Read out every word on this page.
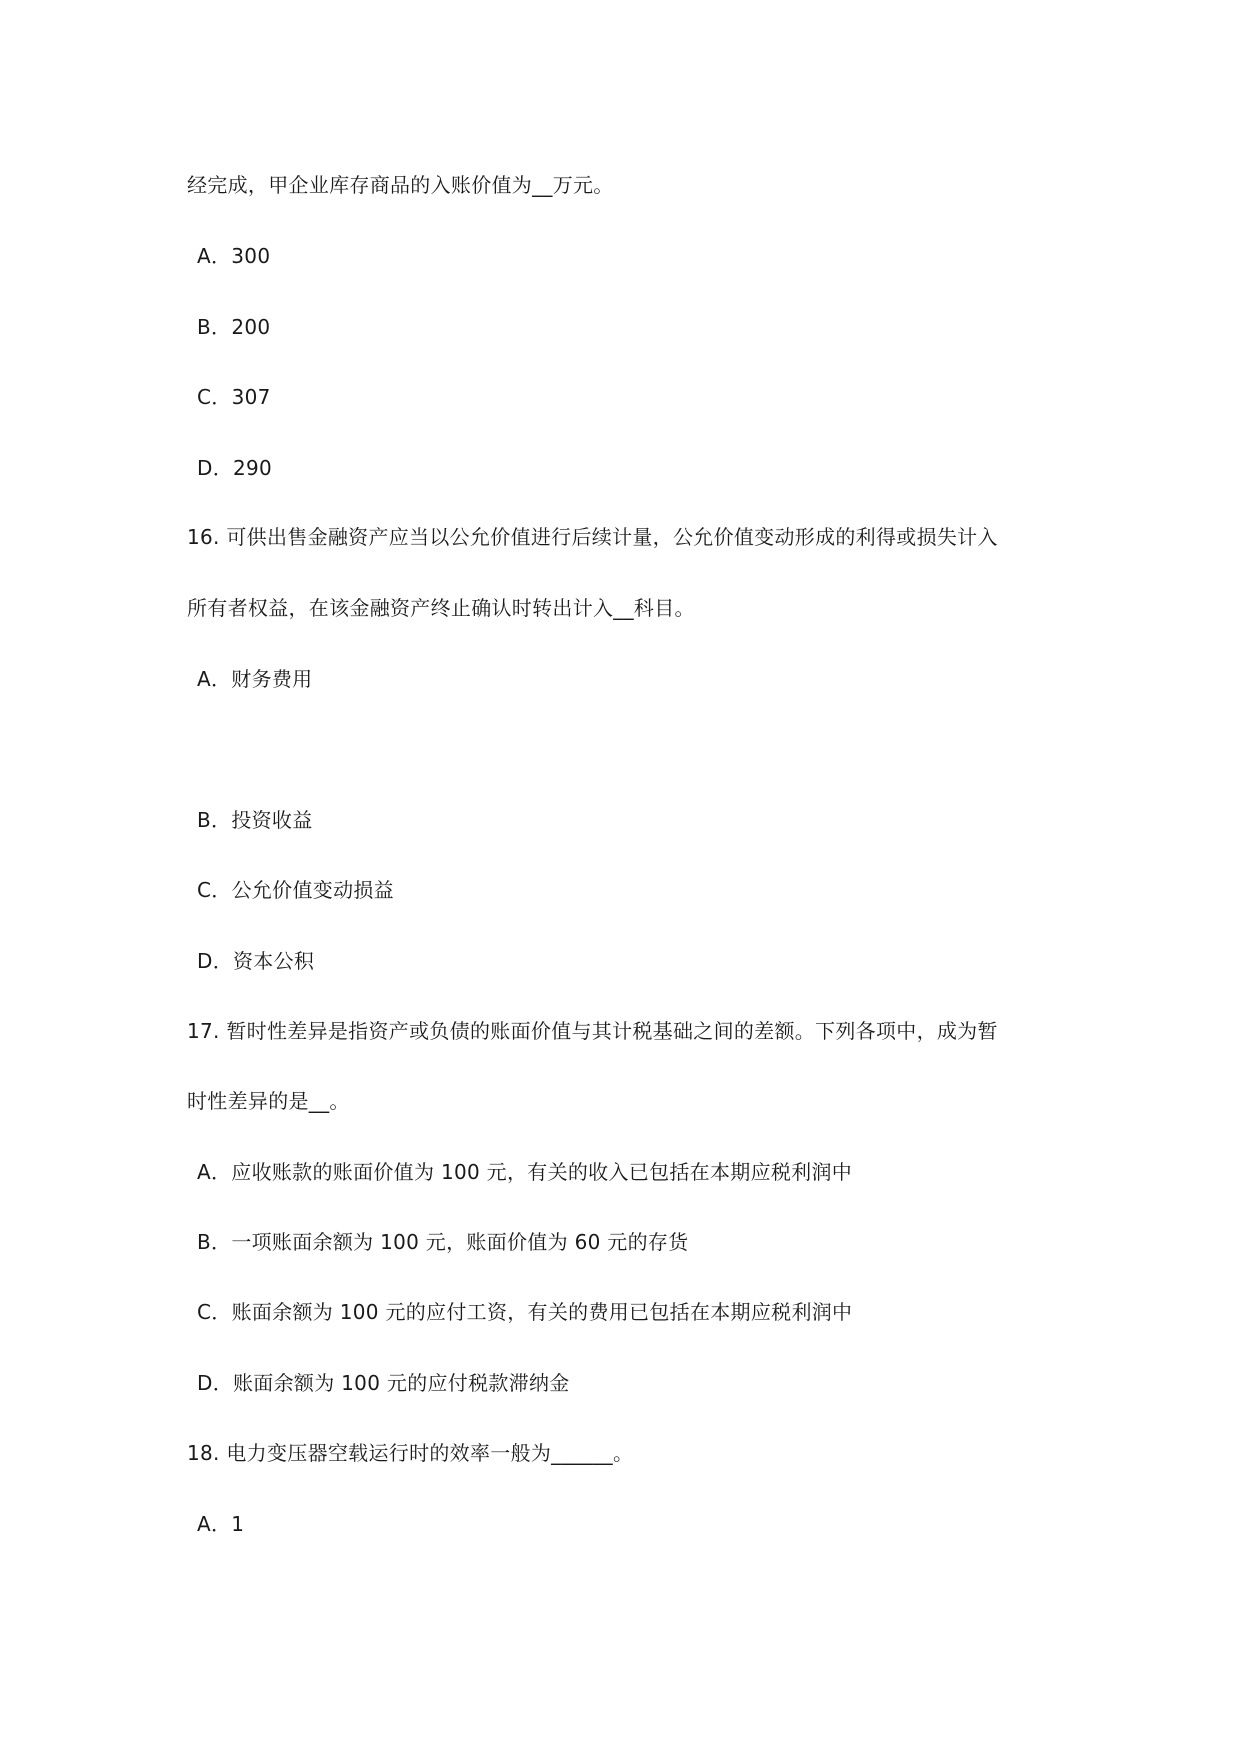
经完成，甲企业库存商品的入账价值为__万元。
A．300
B．200
C．307
D．290
16. 可供出售金融资产应当以公允价值进行后续计量，公允价值变动形成的利得或损失计入
所有者权益，在该金融资产终止确认时转出计入__科目。
A．财务费用
B．投资收益
C．公允价值变动损益
D．资本公积
17. 暂时性差异是指资产或负债的账面价值与其计税基础之间的差额。下列各项中，成为暂
时性差异的是__。
A．应收账款的账面价值为 100 元，有关的收入已包括在本期应税利润中
B．一项账面余额为 100 元，账面价值为 60 元的存货
C．账面余额为 100 元的应付工资，有关的费用已包括在本期应税利润中
D．账面余额为 100 元的应付税款滞纳金
18. 电力变压器空载运行时的效率一般为______。
A．1
